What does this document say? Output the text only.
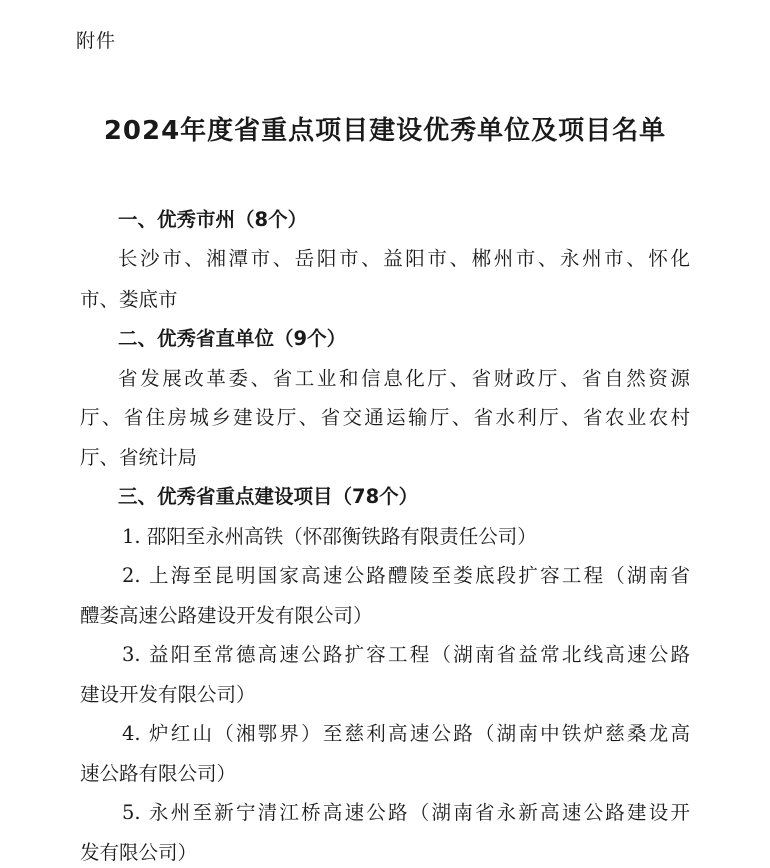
附件
2024年度省重点项目建设优秀单位及项目名单
一、优秀市州（8个）
长沙市、湘潭市、岳阳市、益阳市、郴州市、永州市、怀化
市、娄底市
二、优秀省直单位（9个）
省发展改革委、省工业和信息化厅、省财政厅、省自然资源
厅、省住房城乡建设厅、省交通运输厅、省水利厅、省农业农村
厅、省统计局
三、优秀省重点建设项目（78个）
1. 邵阳至永州高铁（怀邵衡铁路有限责任公司）
2. 上海至昆明国家高速公路醴陵至娄底段扩容工程（湖南省
醴娄高速公路建设开发有限公司）
3. 益阳至常德高速公路扩容工程（湖南省益常北线高速公路
建设开发有限公司）
4. 炉红山（湘鄂界）至慈利高速公路（湖南中铁炉慈桑龙高
速公路有限公司）
5. 永州至新宁清江桥高速公路（湖南省永新高速公路建设开
发有限公司）
